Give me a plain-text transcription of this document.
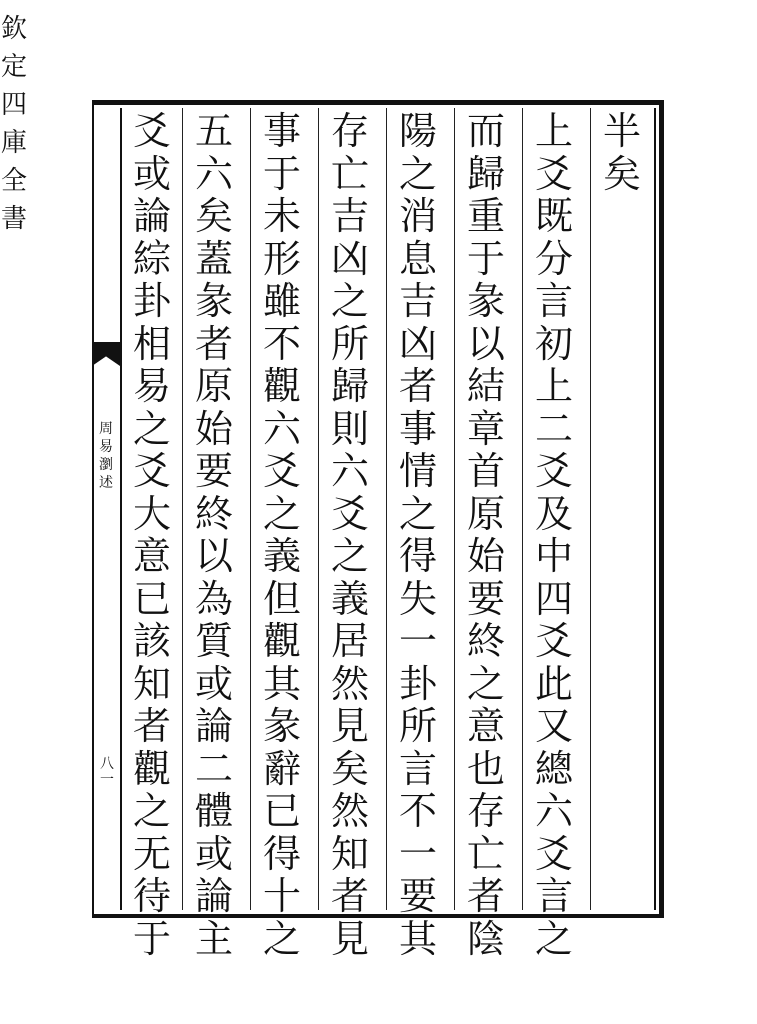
欽
定
四
庫
全
書
周
易
瀏
述
八
一
半
矣
上
爻
既
分
言
初
上
二
爻
及
中
四
爻
此
又
總
六
爻
言
之
而
歸
重
于
彖
以
結
章
首
原
始
要
終
之
意
也
存
亡
者
陰
陽
之
消
息
吉
凶
者
事
情
之
得
失
一
卦
所
言
不
一
要
其
存
亡
吉
凶
之
所
歸
則
六
爻
之
義
居
然
見
矣
然
知
者
見
事
于
未
形
雖
不
觀
六
爻
之
義
但
觀
其
彖
辭
已
得
十
之
五
六
矣
蓋
彖
者
原
始
要
終
以
為
質
或
論
二
體
或
論
主
爻
或
論
綜
卦
相
易
之
爻
大
意
已
該
知
者
觀
之
无
待
于
